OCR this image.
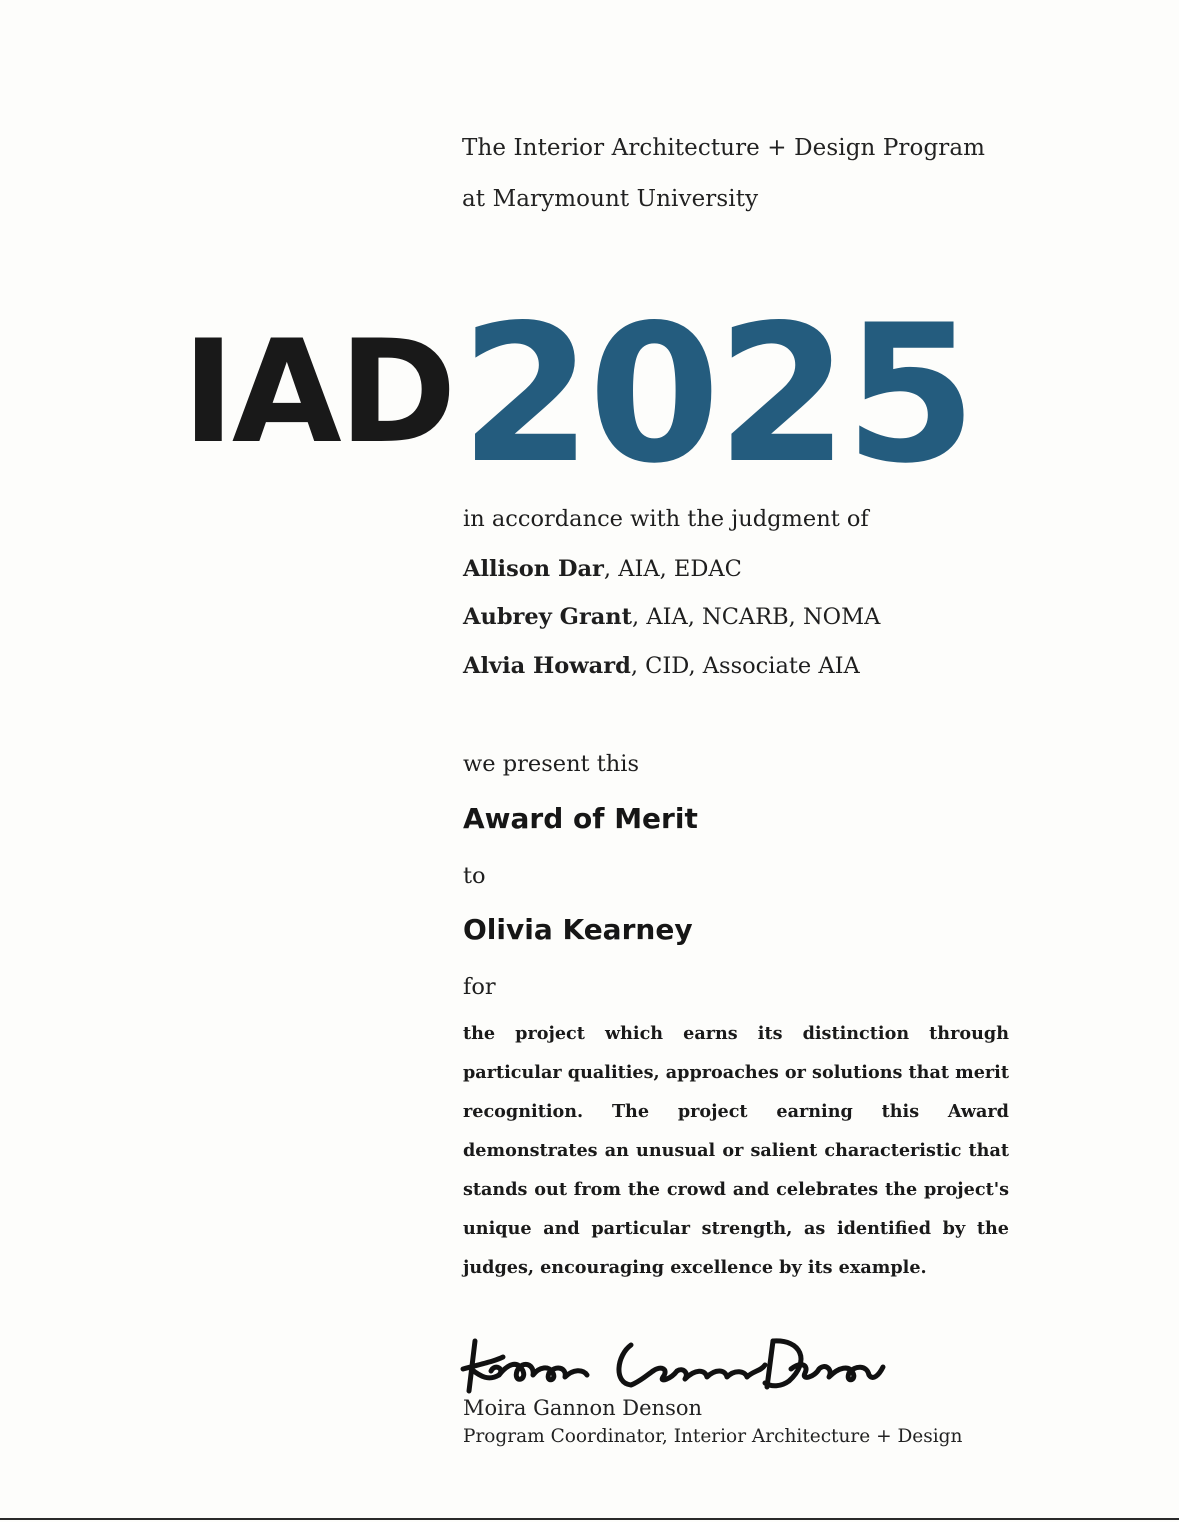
The Interior Architecture + Design Program
at Marymount University
IAD 2025
in accordance with the judgment of
Allison Dar, AIA, EDAC
Aubrey Grant, AIA, NCARB, NOMA
Alvia Howard, CID, Associate AIA
we present this
Award of Merit
to
Olivia Kearney
for
the project which earns its distinction through particular qualities, approaches or solutions that merit recognition. The project earning this Award demonstrates an unusual or salient characteristic that stands out from the crowd and celebrates the project's unique and particular strength, as identified by the judges, encouraging excellence by its example.
Moira Gannon Denson
Program Coordinator, Interior Architecture + Design
